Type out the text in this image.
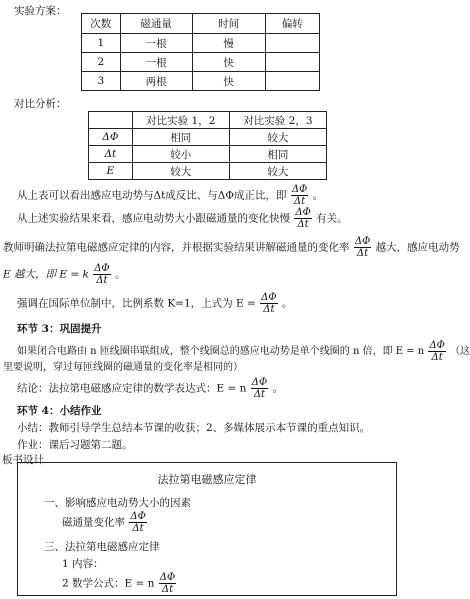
实验方案：
次数	磁通量	时间	偏转
1	一根	慢	
2	一根	快	
3	两根	快	
对比分析：
	对比实验 1，2	对比实验 2，3
ΔΦ	相同	较大
Δt	较小	相同
E	较大	较大
从上表可以看出感应电动势与Δt成反比、与ΔΦ成正比，即 $\frac{\Delta\Phi}{\Delta t}$ 。
从上述实验结果来看，感应电动势大小跟磁通量的变化快慢 $\frac{\Delta\Phi}{\Delta t}$ 有关。
教师明确法拉第电磁感应定律的内容，并根据实验结果讲解磁通量的变化率 $\frac{\Delta\Phi}{\Delta t}$ 越大，感应电动势
E 越大，即 E = k $\frac{\Delta\Phi}{\Delta t}$ 。
强调在国际单位制中，比例系数 K=1，上式为 $E = \frac{\Delta\Phi}{\Delta t}$ 。
环节 3：巩固提升
如果闭合电路由 n 匝线圈串联组成，整个线圈总的感应电动势是单个线圈的 n 倍，即 E = n $\frac{\Delta\Phi}{\Delta t}$ （这
里要说明，穿过每匝线圈的磁通量的变化率是相同的）
结论：法拉第电磁感应定律的数学表达式：E = n $\frac{\Delta\Phi}{\Delta t}$ 。
环节 4：小结作业
小结：教师引导学生总结本节课的收获；2、多媒体展示本节课的重点知识。
作业：课后习题第二题。
板书设计
法拉第电磁感应定律
一、影响感应电动势大小的因素
磁通量变化率 $\frac{\Delta\Phi}{\Delta t}$
三、法拉第电磁感应定律
1 内容：
2 数学公式：E = n $\frac{\Delta\Phi}{\Delta t}$
